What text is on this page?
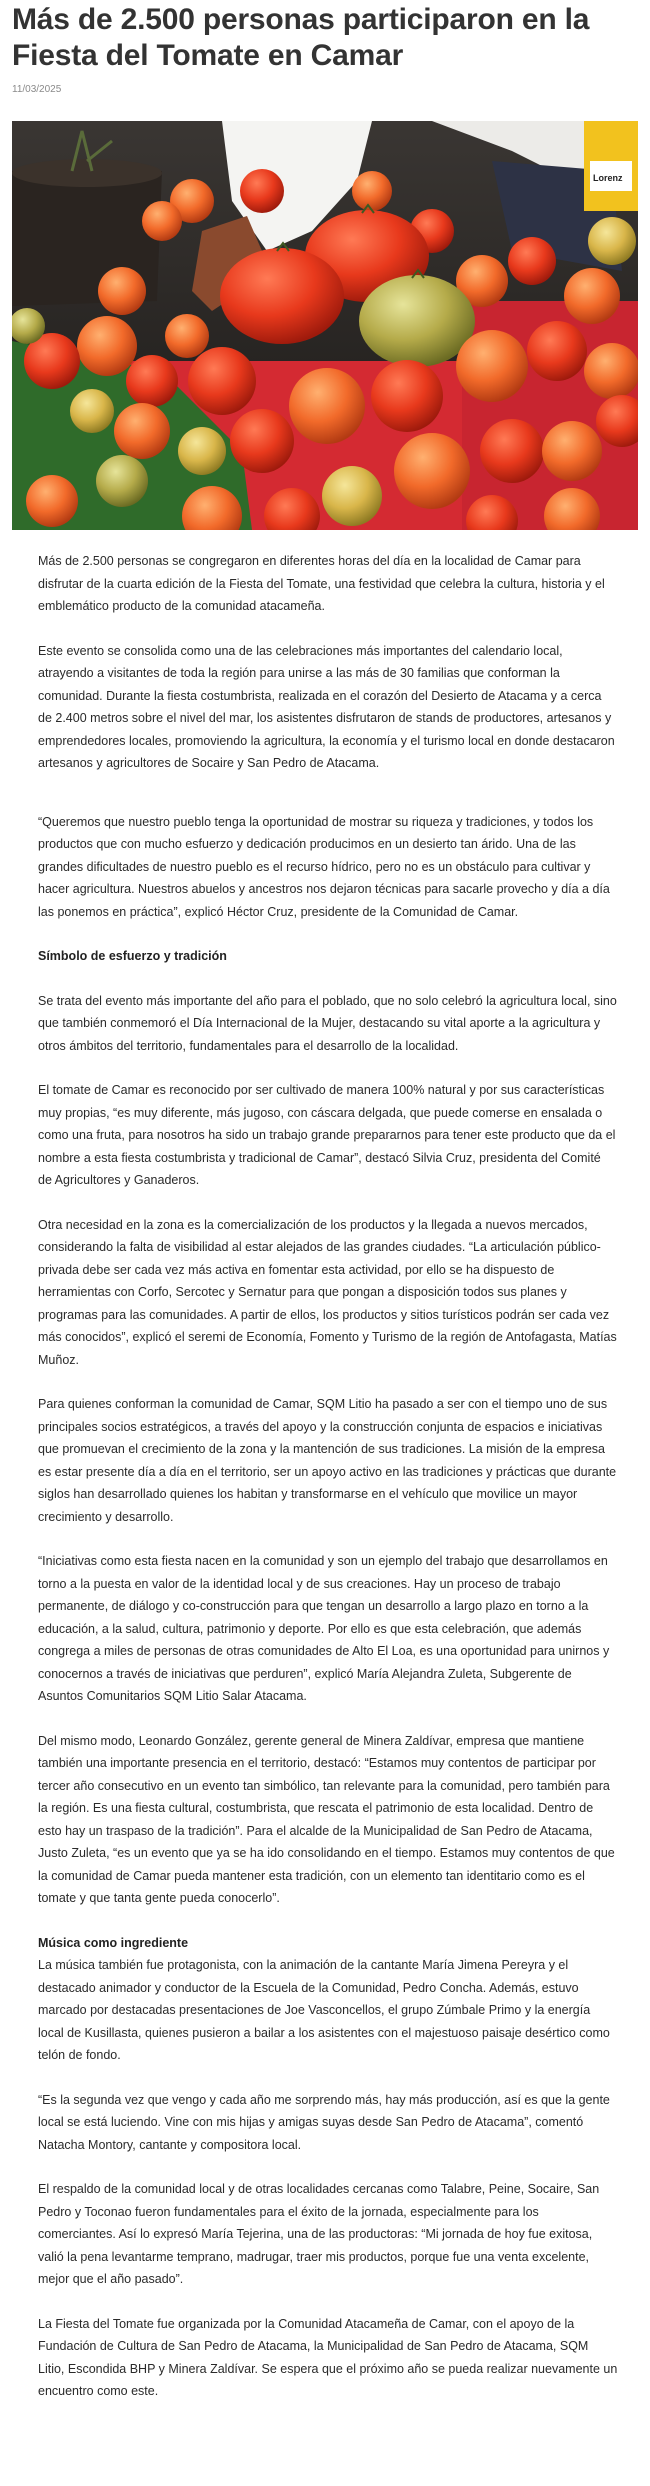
Más de 2.500 personas participaron en la Fiesta del Tomate en Camar

11/03/2025

Lorenz

Más de 2.500 personas se congregaron en diferentes horas del día en la localidad de Camar para disfrutar de la cuarta edición de la Fiesta del Tomate, una festividad que celebra la cultura, historia y el emblemático producto de la comunidad atacameña.

Este evento se consolida como una de las celebraciones más importantes del calendario local, atrayendo a visitantes de toda la región para unirse a las más de 30 familias que conforman la comunidad. Durante la fiesta costumbrista, realizada en el corazón del Desierto de Atacama y a cerca de 2.400 metros sobre el nivel del mar, los asistentes disfrutaron de stands de productores, artesanos y emprendedores locales, promoviendo la agricultura, la economía y el turismo local en donde destacaron artesanos y agricultores de Socaire y San Pedro de Atacama.

“Queremos que nuestro pueblo tenga la oportunidad de mostrar su riqueza y tradiciones, y todos los productos que con mucho esfuerzo y dedicación producimos en un desierto tan árido. Una de las grandes dificultades de nuestro pueblo es el recurso hídrico, pero no es un obstáculo para cultivar y hacer agricultura. Nuestros abuelos y ancestros nos dejaron técnicas para sacarle provecho y día a día las ponemos en práctica”, explicó Héctor Cruz, presidente de la Comunidad de Camar.

Símbolo de esfuerzo y tradición

Se trata del evento más importante del año para el poblado, que no solo celebró la agricultura local, sino que también conmemoró el Día Internacional de la Mujer, destacando su vital aporte a la agricultura y otros ámbitos del territorio, fundamentales para el desarrollo de la localidad.

El tomate de Camar es reconocido por ser cultivado de manera 100% natural y por sus características muy propias, “es muy diferente, más jugoso, con cáscara delgada, que puede comerse en ensalada o como una fruta, para nosotros ha sido un trabajo grande prepararnos para tener este producto que da el nombre a esta fiesta costumbrista y tradicional de Camar”, destacó Silvia Cruz, presidenta del Comité de Agricultores y Ganaderos.

Otra necesidad en la zona es la comercialización de los productos y la llegada a nuevos mercados, considerando la falta de visibilidad al estar alejados de las grandes ciudades. “La articulación público-privada debe ser cada vez más activa en fomentar esta actividad, por ello se ha dispuesto de herramientas con Corfo, Sercotec y Sernatur para que pongan a disposición todos sus planes y programas para las comunidades. A partir de ellos, los productos y sitios turísticos podrán ser cada vez más conocidos”, explicó el seremi de Economía, Fomento y Turismo de la región de Antofagasta, Matías Muñoz.

Para quienes conforman la comunidad de Camar, SQM Litio ha pasado a ser con el tiempo uno de sus principales socios estratégicos, a través del apoyo y la construcción conjunta de espacios e iniciativas que promuevan el crecimiento de la zona y la mantención de sus tradiciones. La misión de la empresa es estar presente día a día en el territorio, ser un apoyo activo en las tradiciones y prácticas que durante siglos han desarrollado quienes los habitan y transformarse en el vehículo que movilice un mayor crecimiento y desarrollo.

“Iniciativas como esta fiesta nacen en la comunidad y son un ejemplo del trabajo que desarrollamos en torno a la puesta en valor de la identidad local y de sus creaciones. Hay un proceso de trabajo permanente, de diálogo y co-construcción para que tengan un desarrollo a largo plazo en torno a la educación, a la salud, cultura, patrimonio y deporte. Por ello es que esta celebración, que además congrega a miles de personas de otras comunidades de Alto El Loa, es una oportunidad para unirnos y conocernos a través de iniciativas que perduren”, explicó María Alejandra Zuleta, Subgerente de Asuntos Comunitarios SQM Litio Salar Atacama.

Del mismo modo, Leonardo González, gerente general de Minera Zaldívar, empresa que mantiene también una importante presencia en el territorio, destacó: “Estamos muy contentos de participar por tercer año consecutivo en un evento tan simbólico, tan relevante para la comunidad, pero también para la región. Es una fiesta cultural, costumbrista, que rescata el patrimonio de esta localidad. Dentro de esto hay un traspaso de la tradición”. Para el alcalde de la Municipalidad de San Pedro de Atacama, Justo Zuleta, “es un evento que ya se ha ido consolidando en el tiempo. Estamos muy contentos de que la comunidad de Camar pueda mantener esta tradición, con un elemento tan identitario como es el tomate y que tanta gente pueda conocerlo”.

Música como ingrediente

La música también fue protagonista, con la animación de la cantante María Jimena Pereyra y el destacado animador y conductor de la Escuela de la Comunidad, Pedro Concha. Además, estuvo marcado por destacadas presentaciones de Joe Vasconcellos, el grupo Zúmbale Primo y la energía local de Kusillasta, quienes pusieron a bailar a los asistentes con el majestuoso paisaje desértico como telón de fondo.

“Es la segunda vez que vengo y cada año me sorprendo más, hay más producción, así es que la gente local se está luciendo. Vine con mis hijas y amigas suyas desde San Pedro de Atacama”, comentó Natacha Montory, cantante y compositora local.

El respaldo de la comunidad local y de otras localidades cercanas como Talabre, Peine, Socaire, San Pedro y Toconao fueron fundamentales para el éxito de la jornada, especialmente para los comerciantes. Así lo expresó María Tejerina, una de las productoras: “Mi jornada de hoy fue exitosa, valió la pena levantarme temprano, madrugar, traer mis productos, porque fue una venta excelente, mejor que el año pasado”.

La Fiesta del Tomate fue organizada por la Comunidad Atacameña de Camar, con el apoyo de la Fundación de Cultura de San Pedro de Atacama, la Municipalidad de San Pedro de Atacama, SQM Litio, Escondida BHP y Minera Zaldívar. Se espera que el próximo año se pueda realizar nuevamente un encuentro como este.
